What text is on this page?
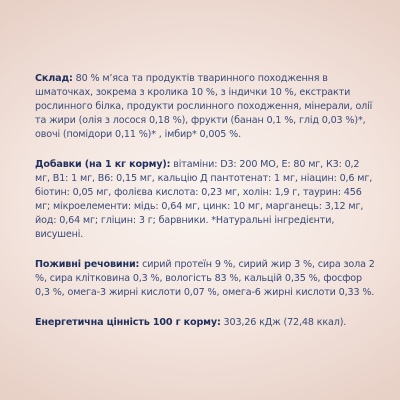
Склад: 80 % м’яса та продуктів тваринного походження в шматочках, зокрема з кролика 10 %, з індички 10 %, екстракти рослинного білка, продукти рослинного походження, мінерали, олії та жири (олія з лосося 0,18 %), фрукти (банан 0,1 %, глід 0,03 %)*, овочі (помідори 0,11 %)* , імбир* 0,005 %.

Добавки (на 1 кг корму): вітаміни: D3: 200 МО, Е: 80 мг, К3: 0,2 мг, В1: 1 мг, В6: 0,15 мг, кальцію Д пантотенат: 1 мг, ніацин: 0,6 мг, біотин: 0,05 мг, фолієва кислота: 0,23 мг, холін: 1,9 г, таурин: 456 мг; мікроелементи: мідь: 0,64 мг, цинк: 10 мг, марганець: 3,12 мг, йод: 0,64 мг; гліцин: 3 г; барвники. *Натуральні інгредієнти, висушені.

Поживні речовини: сирий протеїн 9 %, сирий жир 3 %, сира зола 2 %, сира клітковина 0,3 %, вологість 83 %, кальцій 0,35 %, фосфор 0,3 %, омега-3 жирні кислоти 0,07 %, омега-6 жирні кислоти 0,33 %.

Енергетична цінність 100 г корму: 303,26 кДж (72,48 ккал).
